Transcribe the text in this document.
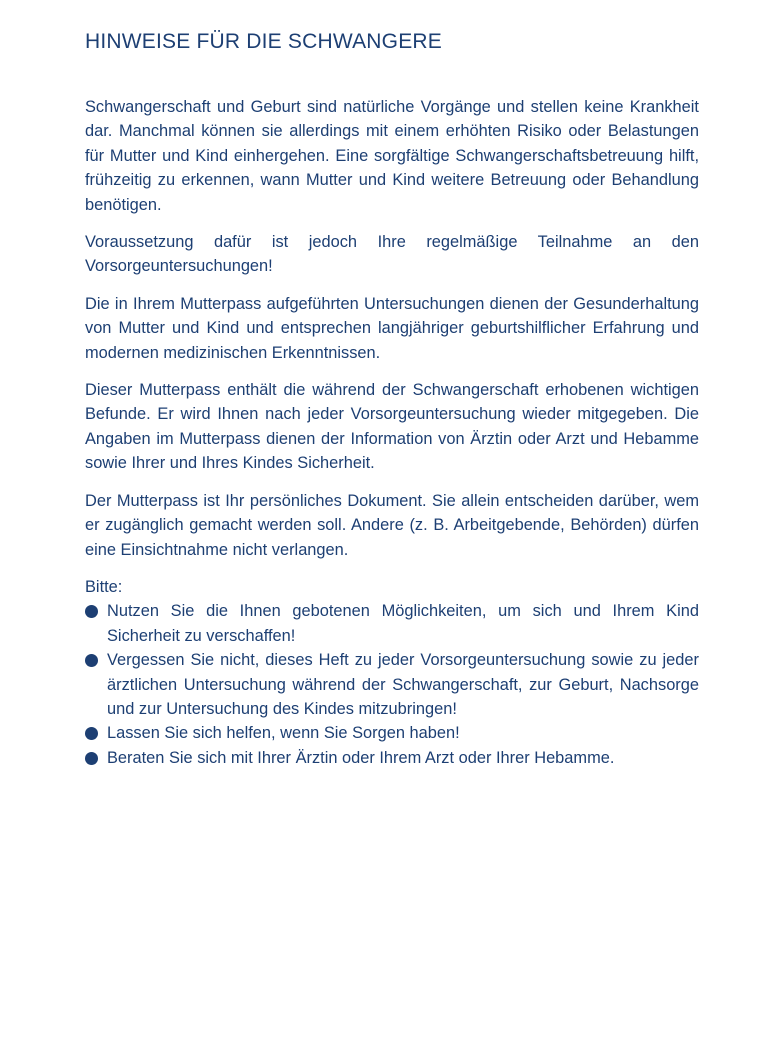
HINWEISE FÜR DIE SCHWANGERE

Schwangerschaft und Geburt sind natürliche Vorgänge und stellen keine Krankheit dar. Manchmal können sie allerdings mit einem erhöhten Risiko oder Belastungen für Mutter und Kind einhergehen. Eine sorgfältige Schwangerschaftsbetreuung hilft, frühzeitig zu erkennen, wann Mutter und Kind weitere Betreuung oder Behandlung benötigen.

Voraussetzung dafür ist jedoch Ihre regelmäßige Teilnahme an den Vorsorgeuntersuchungen!

Die in Ihrem Mutterpass aufgeführten Untersuchungen dienen der Gesunderhaltung von Mutter und Kind und entsprechen langjähriger geburtshilflicher Erfahrung und modernen medizinischen Erkenntnissen.

Dieser Mutterpass enthält die während der Schwangerschaft erhobenen wichtigen Befunde. Er wird Ihnen nach jeder Vorsorgeuntersuchung wieder mitgegeben. Die Angaben im Mutterpass dienen der Information von Ärztin oder Arzt und Hebamme sowie Ihrer und Ihres Kindes Sicherheit.

Der Mutterpass ist Ihr persönliches Dokument. Sie allein entscheiden darüber, wem er zugänglich gemacht werden soll. Andere (z. B. Arbeitgebende, Behörden) dürfen eine Einsichtnahme nicht verlangen.

Bitte:

Nutzen Sie die Ihnen gebotenen Möglichkeiten, um sich und Ihrem Kind Sicherheit zu verschaffen!
Vergessen Sie nicht, dieses Heft zu jeder Vorsorgeuntersuchung sowie zu jeder ärztlichen Untersuchung während der Schwangerschaft, zur Geburt, Nachsorge und zur Untersuchung des Kindes mitzubringen!
Lassen Sie sich helfen, wenn Sie Sorgen haben!
Beraten Sie sich mit Ihrer Ärztin oder Ihrem Arzt oder Ihrer Hebamme.
